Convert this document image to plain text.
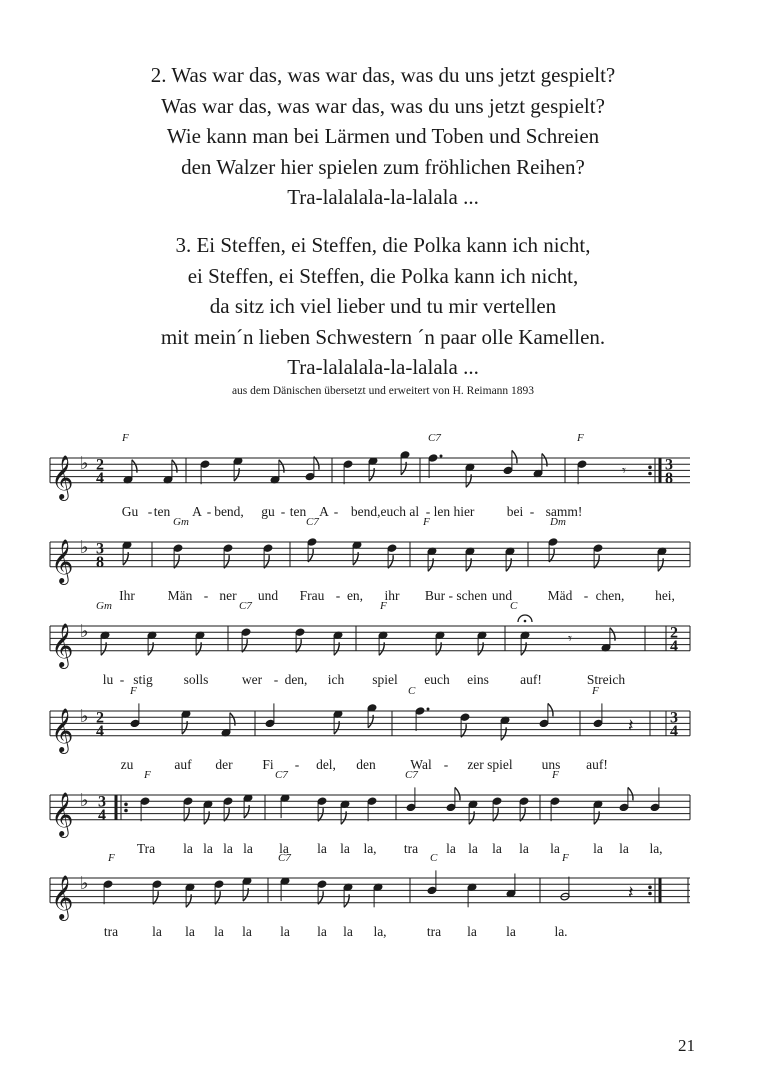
2. Was war das, was war das, was du uns jetzt gespielt?
Was war das, was war das, was du uns jetzt gespielt?
Wie kann man bei Lärmen und Toben und Schreien
den Walzer hier spielen zum fröhlichen Reihen?
Tra-lalalala-la-lalala ...
3. Ei Steffen, ei Steffen, die Polka kann ich nicht,
ei Steffen, ei Steffen, die Polka kann ich nicht,
da sitz ich viel lieber und tu mir vertellen
mit mein´n lieben Schwestern ´n paar olle Kamellen.
Tra-lalalala-la-lalala ...
aus dem Dänischen übersetzt und erweitert von H. Reimann 1893
𝄞 ♭ 2
4	𝄾 3
8
F	C7	F
Gu - ten A - bend, gu - ten A - bend,euch al - len hier bei - samm!
𝄞 ♭ 3
8
Gm	C7	F	Dm
Ihr Män - ner und Frau - en, ihr Bur - schen und	Mäd - chen, hei,
𝄞 ♭	𝄾	2
4
Gm	C7	F	C
lu - stig solls wer - den, ich spiel euch eins auf!	Streich
𝄞 ♭ 2
4	𝄽 3
4
F	C	F
zu	auf der Fi - del, den	Wal - zer spiel uns auf!
𝄞 ♭ 3
4
F	C7	C7	F
Tra la la la la la la la la, tra la la la la la la la la,
𝄞 ♭	𝄽
F	C7	C	F
tra	la la la la la la la la,	tra la la	la.
21
